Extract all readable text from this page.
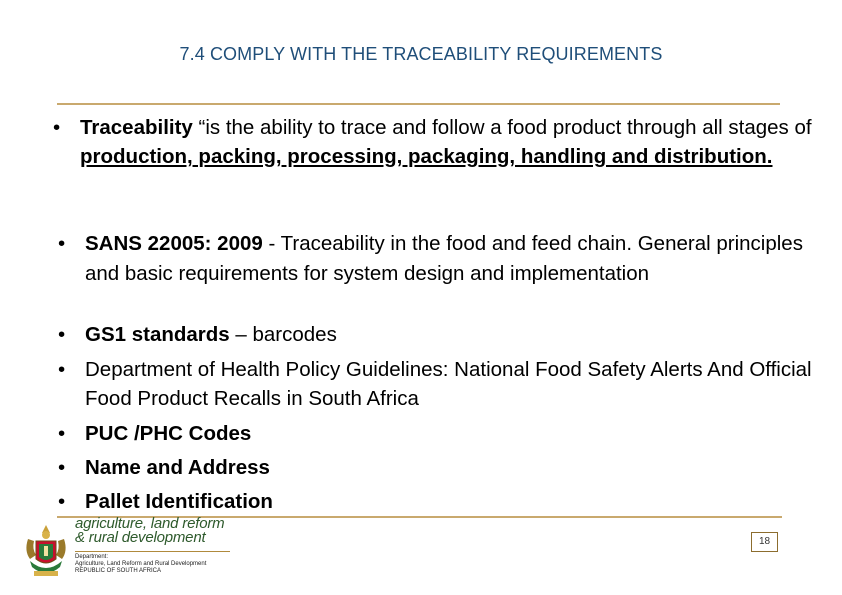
7.4 COMPLY WITH THE TRACEABILITY REQUIREMENTS
• Traceability “is the ability to trace and follow a food product through all stages of production, packing, processing, packaging, handling and distribution.
• SANS 22005: 2009 - Traceability in the food and feed chain. General principles and basic requirements for system design and implementation
• GS1 standards – barcodes
• Department of Health Policy Guidelines: National Food Safety Alerts And Official Food Product Recalls in South Africa
• PUC /PHC Codes
• Name and Address
• Pallet Identification
agriculture, land reform
& rural development
Department:
Agriculture, Land Reform and Rural Development
REPUBLIC OF SOUTH AFRICA
18
